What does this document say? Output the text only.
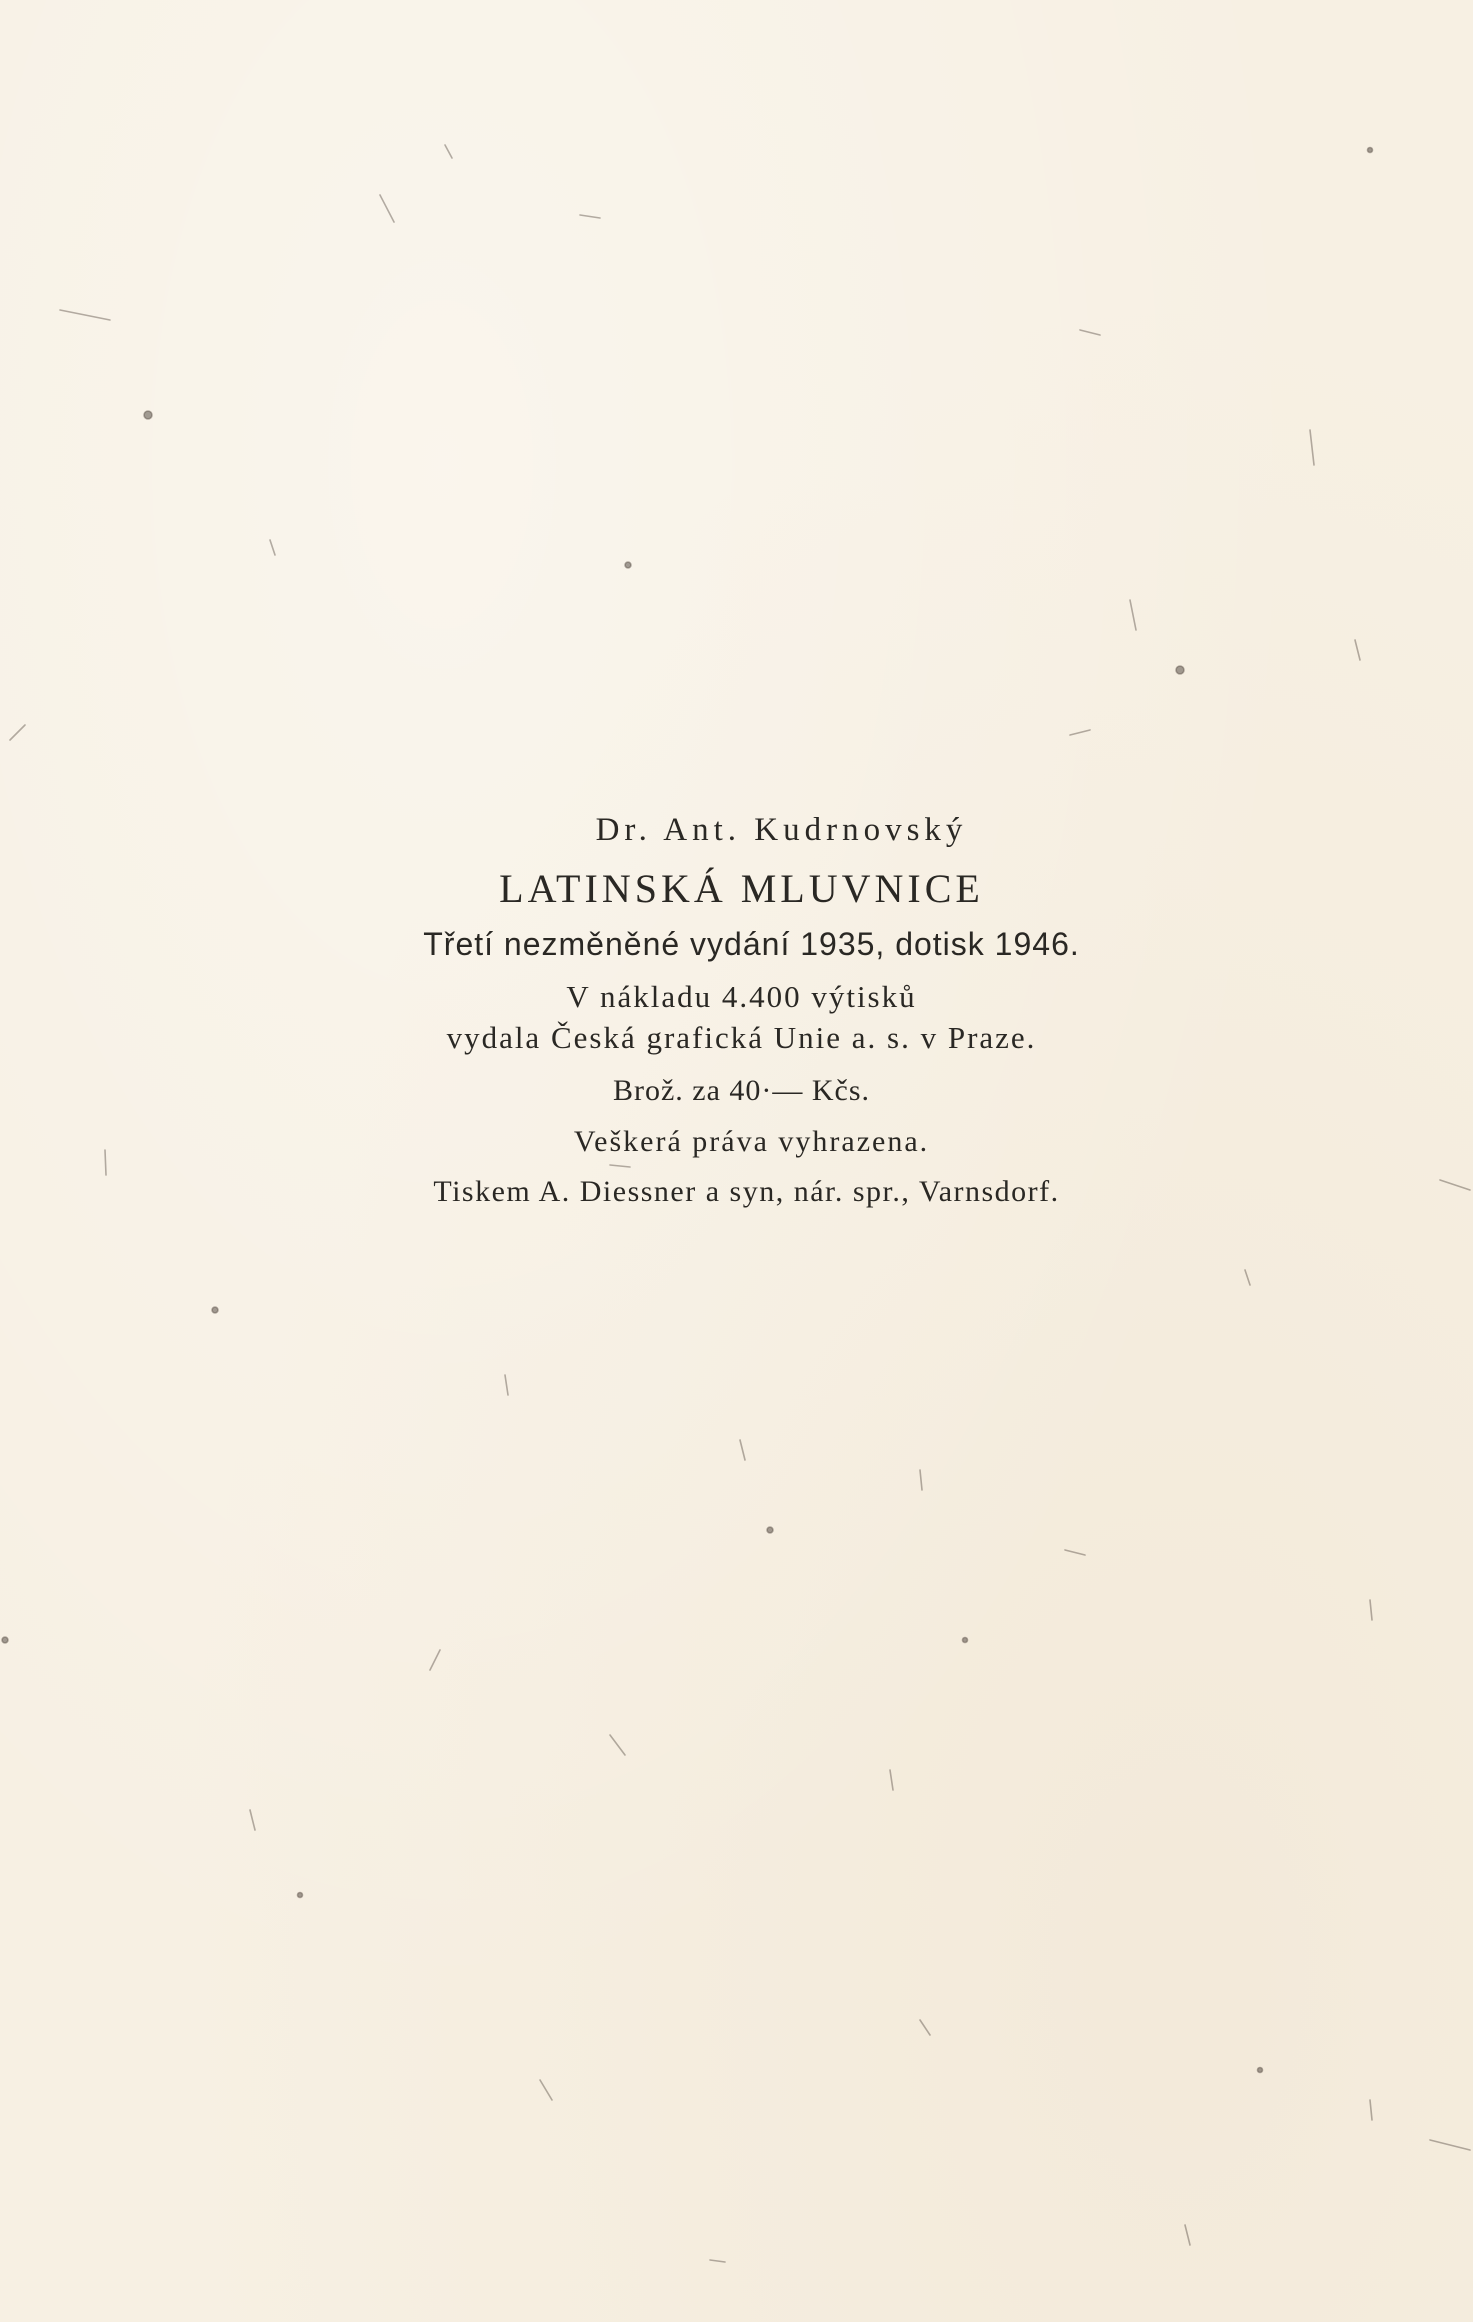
Dr. Ant. Kudrnovský

LATINSKÁ MLUVNICE

Třetí nezměněné vydání 1935, dotisk 1946.

V nákladu 4.400 výtisků

vydala Česká grafická Unie a. s. v Praze.

Brož. za 40·— Kčs.

Veškerá práva vyhrazena.

Tiskem A. Diessner a syn, nár. spr., Varnsdorf.
